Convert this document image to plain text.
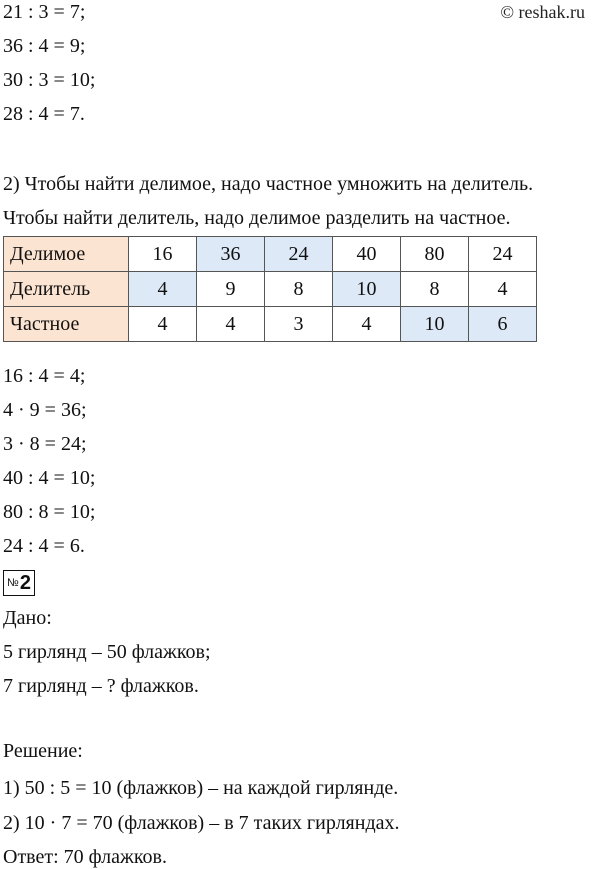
© reshak.ru
21 : 3 = 7;
36 : 4 = 9;
30 : 3 = 10;
28 : 4 = 7.
2) Чтобы найти делимое, надо частное умножить на делитель.
Чтобы найти делитель, надо делимое разделить на частное.
Делимое	16	36	24	40	80	24
Делитель	4	9	8	10	8	4
Частное	4	4	3	4	10	6
16 : 4 = 4;
4 · 9 = 36;
3 · 8 = 24;
40 : 4 = 10;
80 : 8 = 10;
24 : 4 = 6.
№ 2
Дано:
5 гирлянд – 50 флажков;
7 гирлянд – ? флажков.
Решение:
1) 50 : 5 = 10 (флажков) – на каждой гирлянде.
2) 10 · 7 = 70 (флажков) – в 7 таких гирляндах.
Ответ: 70 флажков.
